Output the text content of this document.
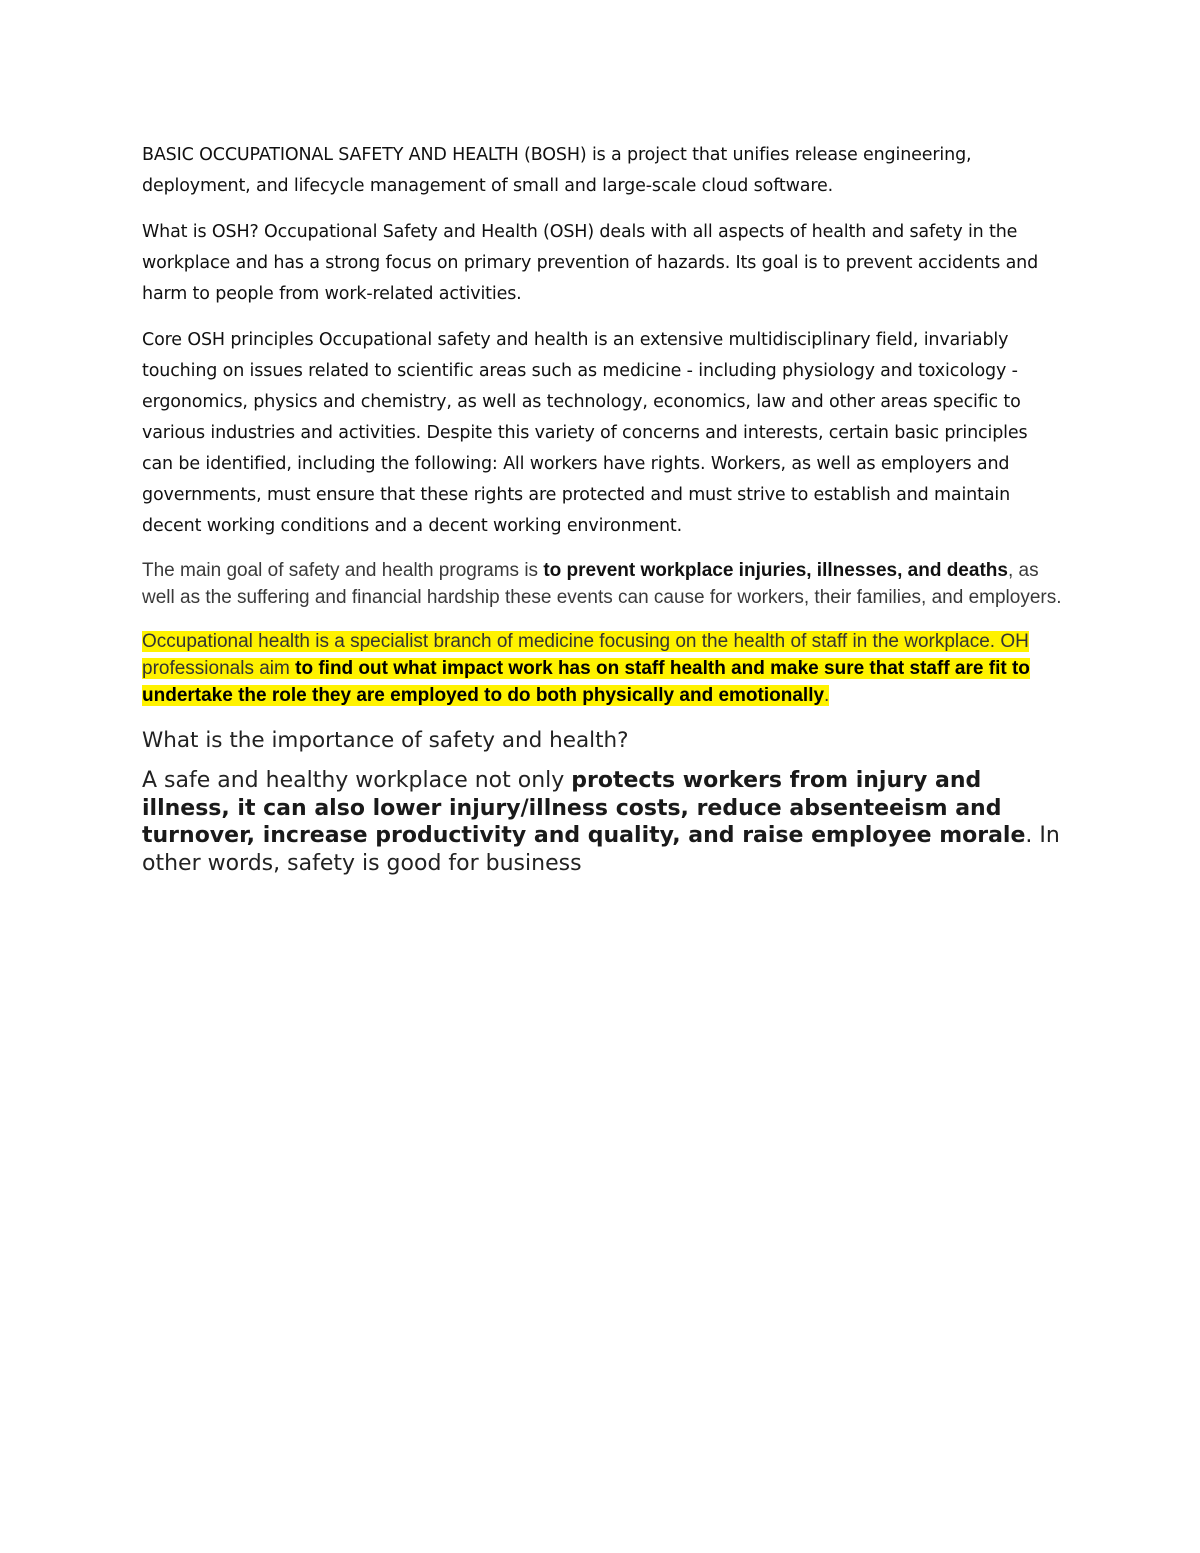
BASIC OCCUPATIONAL SAFETY AND HEALTH (BOSH) is a project that unifies release engineering, deployment, and lifecycle management of small and large-scale cloud software.

What is OSH? Occupational Safety and Health (OSH) deals with all aspects of health and safety in the workplace and has a strong focus on primary prevention of hazards. Its goal is to prevent accidents and harm to people from work-related activities.

Core OSH principles Occupational safety and health is an extensive multidisciplinary field, invariably touching on issues related to scientific areas such as medicine - including physiology and toxicology - ergonomics, physics and chemistry, as well as technology, economics, law and other areas specific to various industries and activities. Despite this variety of concerns and interests, certain basic principles can be identified, including the following: All workers have rights. Workers, as well as employers and governments, must ensure that these rights are protected and must strive to establish and maintain decent working conditions and a decent working environment.

The main goal of safety and health programs is to prevent workplace injuries, illnesses, and deaths, as well as the suffering and financial hardship these events can cause for workers, their families, and employers.

Occupational health is a specialist branch of medicine focusing on the health of staff in the workplace. OH professionals aim to find out what impact work has on staff health and make sure that staff are fit to undertake the role they are employed to do both physically and emotionally.

What is the importance of safety and health?

A safe and healthy workplace not only protects workers from injury and illness, it can also lower injury/illness costs, reduce absenteeism and turnover, increase productivity and quality, and raise employee morale. In other words, safety is good for business
